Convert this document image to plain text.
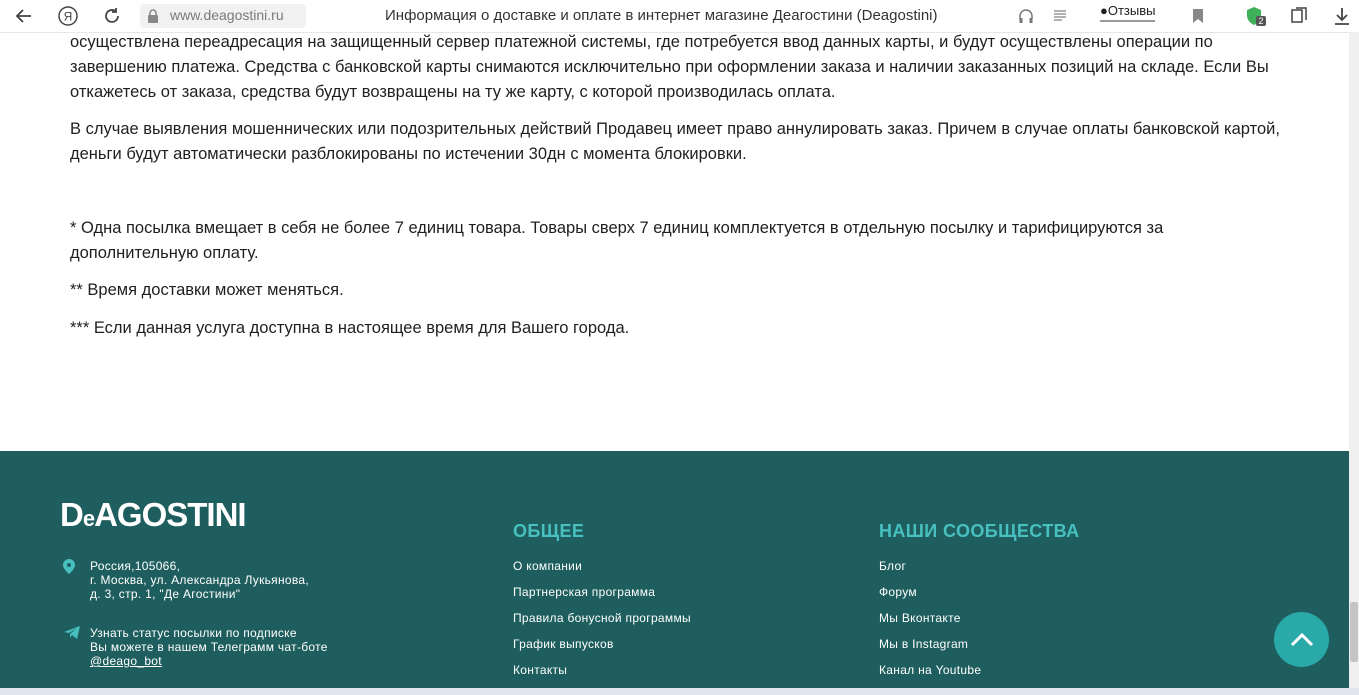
Я	www.deagostini.ru	Информация о доставке и оплате в интернет магазине Деагостини (Deagostini)	●Отзывы
2

осуществлена переадресация на защищенный сервер платежной системы, где потребуется ввод данных карты, и будут осуществлены операции по завершению платежа. Средства с банковской карты снимаются исключительно при оформлении заказа и наличии заказанных позиций на складе. Если Вы откажетесь от заказа, средства будут возвращены на ту же карту, с которой производилась оплата.

В случае выявления мошеннических или подозрительных действий Продавец имеет право аннулировать заказ. Причем в случае оплаты банковской картой, деньги будут автоматически разблокированы по истечении 30дн с момента блокировки.

* Одна посылка вмещает в себя не более 7 единиц товара. Товары сверх 7 единиц комплектуется в отдельную посылку и тарифицируются за дополнительную оплату.

** Время доставки может меняться.

*** Если данная услуга доступна в настоящее время для Вашего города.

DeAGOSTINI
Россия,105066,
г. Москва, ул. Александра Лукьянова,
д. 3, стр. 1, "Де Агостини"
Узнать статус посылки по подписке
Вы можете в нашем Телеграмм чат-боте
@deago_bot
ОБЩЕЕ
О компании
Партнерская программа
Правила бонусной программы
График выпусков
Контакты
НАШИ СООБЩЕСТВА
Блог
Форум
Мы Вконтакте
Мы в Instagram
Канал на Youtube
